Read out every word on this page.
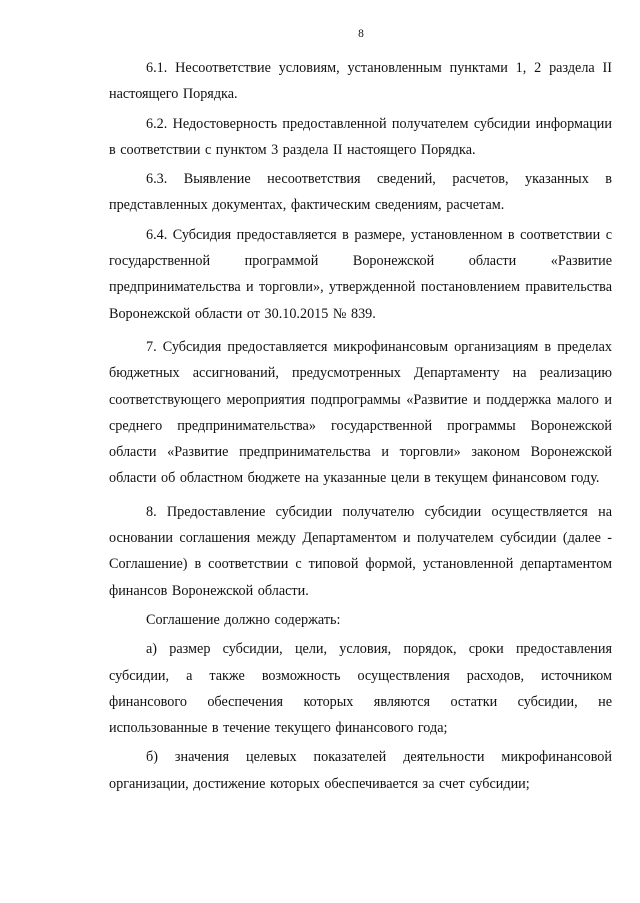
8

6.1. Несоответствие условиям, установленным пунктами 1, 2 раздела II настоящего Порядка.

6.2. Недостоверность предоставленной получателем субсидии информации в соответствии с пунктом 3 раздела II настоящего Порядка.

6.3. Выявление несоответствия сведений, расчетов, указанных в представленных документах, фактическим сведениям, расчетам.

6.4. Субсидия предоставляется в размере, установленном в соответствии с государственной программой Воронежской области «Развитие предпринимательства и торговли», утвержденной постановлением правительства Воронежской области от 30.10.2015 № 839.

7. Субсидия предоставляется микрофинансовым организациям в пределах бюджетных ассигнований, предусмотренных Департаменту на реализацию соответствующего мероприятия подпрограммы «Развитие и поддержка малого и среднего предпринимательства» государственной программы Воронежской области «Развитие предпринимательства и торговли» законом Воронежской области об областном бюджете на указанные цели в текущем финансовом году.

8. Предоставление субсидии получателю субсидии осуществляется на основании соглашения между Департаментом и получателем субсидии (далее - Соглашение) в соответствии с типовой формой, установленной департаментом финансов Воронежской области.

Соглашение должно содержать:

а) размер субсидии, цели, условия, порядок, сроки предоставления субсидии, а также возможность осуществления расходов, источником финансового обеспечения которых являются остатки субсидии, не использованные в течение текущего финансового года;

б) значения целевых показателей деятельности микрофинансовой организации, достижение которых обеспечивается за счет субсидии;
